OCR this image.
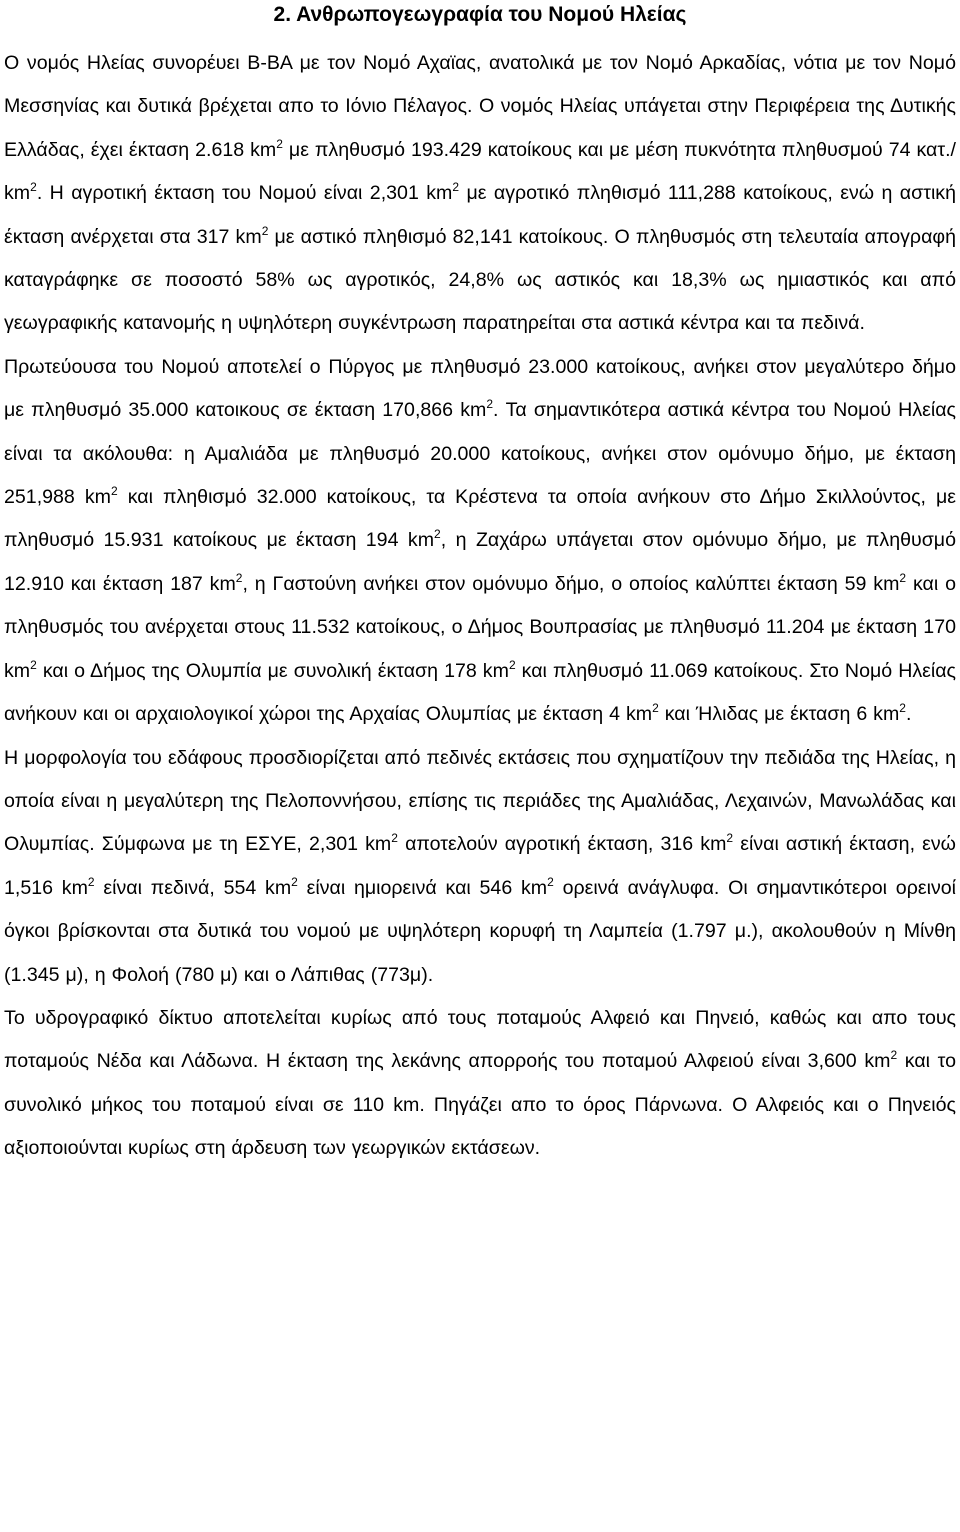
2. Ανθρωπογεωγραφία του Νομού Ηλείας

Ο νομός Ηλείας συνορέυει Β-ΒΑ με τον Νομό Αχαϊας, ανατολικά με τον Νομό Αρκαδίας, νότια με τον Νομό Μεσσηνίας και δυτικά βρέχεται απο το Ιόνιο Πέλαγος. Ο νομός Ηλείας υπάγεται στην Περιφέρεια της Δυτικής Ελλάδας, έχει έκταση 2.618 $km^2$ με πληθυσμό 193.429 κατοίκους και με μέση πυκνότητα πληθυσμού 74 κατ./ $km^2$. Η αγροτική έκταση του Νομού είναι 2,301 $km^2$ με αγροτικό πληθισμό 111,288 κατοίκους, ενώ η αστική έκταση ανέρχεται στα 317 $km^2$ με αστικό πληθισμό 82,141 κατοίκους. Ο πληθυσμός στη τελευταία απογραφή καταγράφηκε σε ποσοστό 58% ως αγροτικός, 24,8% ως αστικός και 18,3% ως ημιαστικός και από γεωγραφικής κατανομής η υψηλότερη συγκέντρωση παρατηρείται στα αστικά κέντρα και τα πεδινά.

Πρωτεύουσα του Νομού αποτελεί ο Πύργος με πληθυσμό 23.000 κατοίκους, ανήκει στον μεγαλύτερο δήμο με πληθυσμό 35.000 κατοικους σε έκταση 170,866 $km^2$. Τα σημαντικότερα αστικά κέντρα του Νομού Ηλείας είναι τα ακόλουθα: η Αμαλιάδα με πληθυσμό 20.000 κατοίκους, ανήκει στον ομόνυμο δήμο, με έκταση 251,988 $km^2$ και πληθισμό 32.000 κατοίκους, τα Κρέστενα τα οποία ανήκουν στο Δήμο Σκιλλούντος, με πληθυσμό 15.931 κατοίκους με έκταση 194 $km^2$, η Ζαχάρω υπάγεται στον ομόνυμο δήμο, με πληθυσμό 12.910 και έκταση 187 $km^2$, η Γαστούνη ανήκει στον ομόνυμο δήμο, ο οποίος καλύπτει έκταση 59 $km^2$ και ο πληθυσμός του ανέρχεται στους 11.532 κατοίκους, ο Δήμος Βουπρασίας με πληθυσμό 11.204 με έκταση 170 $km^2$ και ο Δήμος της Ολυμπία με συνολική έκταση 178 $km^2$ και πληθυσμό 11.069 κατοίκους. Στο Νομό Ηλείας ανήκουν και οι αρχαιολογικοί χώροι της Αρχαίας Ολυμπίας με έκταση 4 $km^2$ και Ήλιδας με έκταση 6 $km^2$.

Η μορφολογία του εδάφους προσδιορίζεται από πεδινές εκτάσεις που σχηματίζουν την πεδιάδα της Ηλείας, η οποία είναι η μεγαλύτερη της Πελοποννήσου, επίσης τις περιάδες της Αμαλιάδας, Λεχαινών, Μανωλάδας και Ολυμπίας. Σύμφωνα με τη ΕΣΥΕ, 2,301 $km^2$ αποτελούν αγροτική έκταση, 316 $km^2$ είναι αστική έκταση, ενώ 1,516 $km^2$ είναι πεδινά, 554 $km^2$ είναι ημιορεινά και 546 $km^2$ ορεινά ανάγλυφα. Οι σημαντικότεροι ορεινοί όγκοι βρίσκονται στα δυτικά του νομού με υψηλότερη κορυφή τη Λαμπεία (1.797 μ.), ακολουθούν η Μίνθη (1.345 μ), η Φολοή (780 μ) και ο Λάπιθας (773μ).

Το υδρογραφικό δίκτυο αποτελείται κυρίως από τους ποταμούς Αλφειό και Πηνειό, καθώς και απο τους ποταμούς Νέδα και Λάδωνα. Η έκταση της λεκάνης απορροής του ποταμού Αλφειού είναι 3,600 $km^2$ και το συνολικό μήκος του ποταμού είναι σε 110 km. Πηγάζει απο το όρος Πάρνωνα. Ο Αλφειός και ο Πηνειός αξιοποιούνται κυρίως στη άρδευση των γεωργικών εκτάσεων.
